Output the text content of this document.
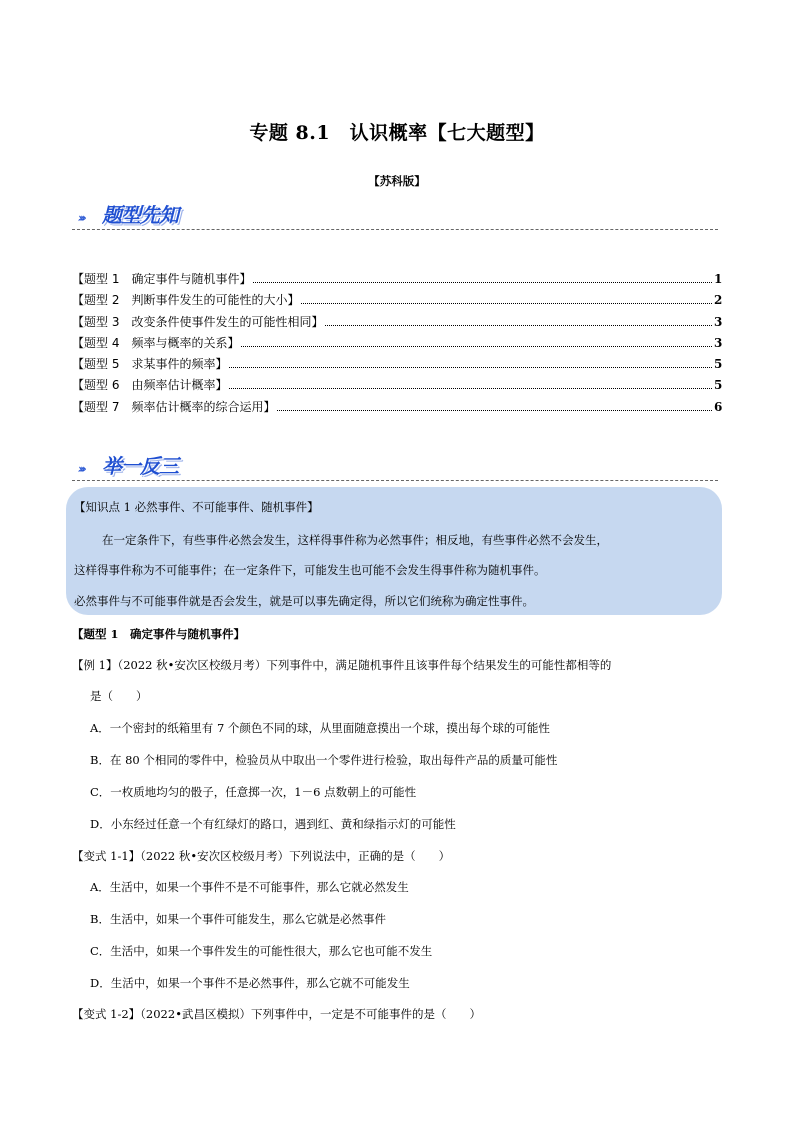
专题 8.1　认识概率【七大题型】
【苏科版】
››› 题型先知
【题型 1　确定事件与随机事件】	1
【题型 2　判断事件发生的可能性的大小】	2
【题型 3　改变条件使事件发生的可能性相同】	3
【题型 4　频率与概率的关系】	3
【题型 5　求某事件的频率】	5
【题型 6　由频率估计概率】	5
【题型 7　频率估计概率的综合运用】	6
››› 举一反三

【知识点 1 必然事件、不可能事件、随机事件】

在一定条件下，有些事件必然会发生，这样得事件称为必然事件；相反地，有些事件必然不会发生，

这样得事件称为不可能事件；在一定条件下，可能发生也可能不会发生得事件称为随机事件。

必然事件与不可能事件就是否会发生，就是可以事先确定得，所以它们统称为确定性事件。

【题型 1　确定事件与随机事件】
【例 1】（2022 秋•安次区校级月考）下列事件中，满足随机事件且该事件每个结果发生的可能性都相等的
是（　　）
A．一个密封的纸箱里有 7 个颜色不同的球，从里面随意摸出一个球，摸出每个球的可能性
B．在 80 个相同的零件中，检验员从中取出一个零件进行检验，取出每件产品的质量可能性
C．一枚质地均匀的骰子，任意掷一次，1－6 点数朝上的可能性
D．小东经过任意一个有红绿灯的路口，遇到红、黄和绿指示灯的可能性
【变式 1-1】（2022 秋•安次区校级月考）下列说法中，正确的是（　　）
A．生活中，如果一个事件不是不可能事件，那么它就必然发生
B．生活中，如果一个事件可能发生，那么它就是必然事件
C．生活中，如果一个事件发生的可能性很大，那么它也可能不发生
D．生活中，如果一个事件不是必然事件，那么它就不可能发生
【变式 1-2】（2022•武昌区模拟）下列事件中，一定是不可能事件的是（　　）
